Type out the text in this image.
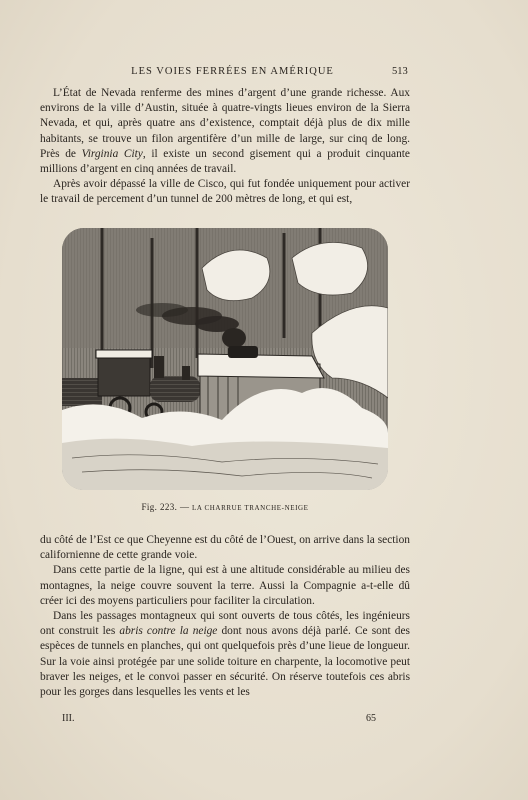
LES VOIES FERRÉES EN AMÉRIQUE	513

L’État de Nevada renferme des mines d’argent d’une grande richesse. Aux environs de la ville d’Austin, située à quatre-vingts lieues environ de la Sierra Nevada, et qui, après quatre ans d’existence, comptait déjà plus de dix mille habitants, se trouve un filon argentifère d’un mille de large, sur cinq de long. Près de Virginia City, il existe un second gisement qui a produit cinquante millions d’argent en cinq années de travail.

Après avoir dépassé la ville de Cisco, qui fut fondée uniquement pour activer le travail de percement d’un tunnel de 200 mètres de long, et qui est,

Fig. 223. — LA CHARRUE TRANCHE-NEIGE

du côté de l’Est ce que Cheyenne est du côté de l’Ouest, on arrive dans la section californienne de cette grande voie.

Dans cette partie de la ligne, qui est à une altitude considérable au milieu des montagnes, la neige couvre souvent la terre. Aussi la Compagnie a-t-elle dû créer ici des moyens particuliers pour faciliter la circulation.

Dans les passages montagneux qui sont ouverts de tous côtés, les ingénieurs ont construit les abris contre la neige dont nous avons déjà parlé. Ce sont des espèces de tunnels en planches, qui ont quelquefois près d’une lieue de longueur. Sur la voie ainsi protégée par une solide toiture en charpente, la locomotive peut braver les neiges, et le convoi passer en sécurité. On réserve toutefois ces abris pour les gorges dans lesquelles les vents et les

III.	65
